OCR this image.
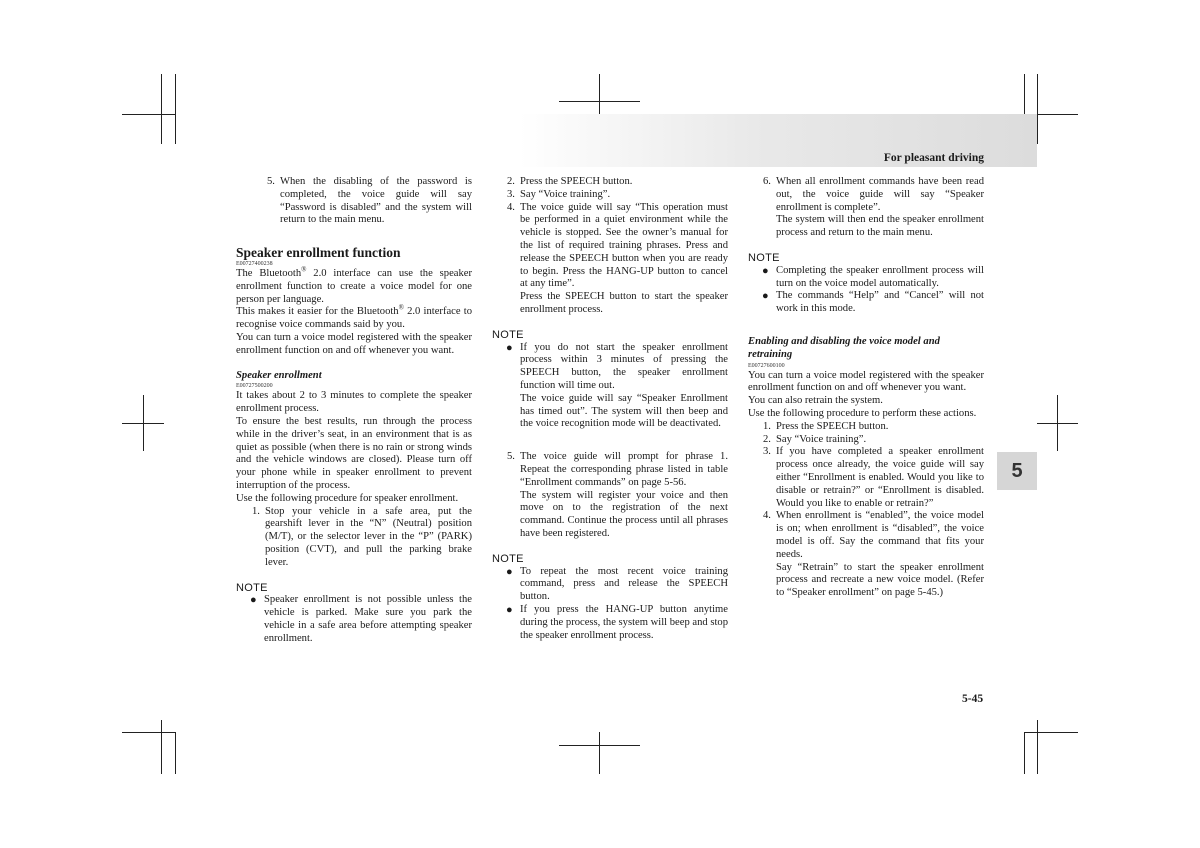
For pleasant driving
5
5-45
5. When the disabling of the password is completed, the voice guide will say “Password is disabled” and the system will return to the main menu.
Speaker enrollment function

E00727400238

The Bluetooth® 2.0 interface can use the speaker enrollment function to create a voice model for one person per language.

This makes it easier for the Bluetooth® 2.0 interface to recognise voice commands said by you.

You can turn a voice model registered with the speaker enrollment function on and off whenever you want.

Speaker enrollment

E00727500200

It takes about 2 to 3 minutes to complete the speaker enrollment process.

To ensure the best results, run through the process while in the driver’s seat, in an environment that is as quiet as possible (when there is no rain or strong winds and the vehicle windows are closed). Please turn off your phone while in speaker enrollment to prevent interruption of the process.

Use the following procedure for speaker enrollment.

1. Stop your vehicle in a safe area, put the gearshift lever in the “N” (Neutral) position (M/T), or the selector lever in the “P” (PARK) position (CVT), and pull the parking brake lever.

NOTE

● Speaker enrollment is not possible unless the vehicle is parked. Make sure you park the vehicle in a safe area before attempting speaker enrollment.
2. Press the SPEECH button.
3. Say “Voice training”.
4. The voice guide will say “This operation must be performed in a quiet environment while the vehicle is stopped. See the owner’s manual for the list of required training phrases. Press and release the SPEECH button when you are ready to begin. Press the HANG-UP button to cancel at any time”.
Press the SPEECH button to start the speaker enrollment process.

NOTE

● If you do not start the speaker enrollment process within 3 minutes of pressing the SPEECH button, the speaker enrollment function will time out.
The voice guide will say “Speaker Enrollment has timed out”. The system will then beep and the voice recognition mode will be deactivated.
5. The voice guide will prompt for phrase 1. Repeat the corresponding phrase listed in table “Enrollment commands” on page 5-56.
The system will register your voice and then move on to the registration of the next command. Continue the process until all phrases have been registered.

NOTE

● To repeat the most recent voice training command, press and release the SPEECH button.
● If you press the HANG-UP button anytime during the process, the system will beep and stop the speaker enrollment process.
6. When all enrollment commands have been read out, the voice guide will say “Speaker enrollment is complete”.
The system will then end the speaker enrollment process and return to the main menu.

NOTE

● Completing the speaker enrollment process will turn on the voice model automatically.
● The commands “Help” and “Cancel” will not work in this mode.
Enabling and disabling the voice model and retraining

E00727600100

You can turn a voice model registered with the speaker enrollment function on and off whenever you want.

You can also retrain the system.

Use the following procedure to perform these actions.

1. Press the SPEECH button.
2. Say “Voice training”.
3. If you have completed a speaker enrollment process once already, the voice guide will say either “Enrollment is enabled. Would you like to disable or retrain?” or “Enrollment is disabled. Would you like to enable or retrain?”
4. When enrollment is “enabled”, the voice model is on; when enrollment is “disabled”, the voice model is off. Say the command that fits your needs.
Say “Retrain” to start the speaker enrollment process and recreate a new voice model. (Refer to “Speaker enrollment” on page 5-45.)
